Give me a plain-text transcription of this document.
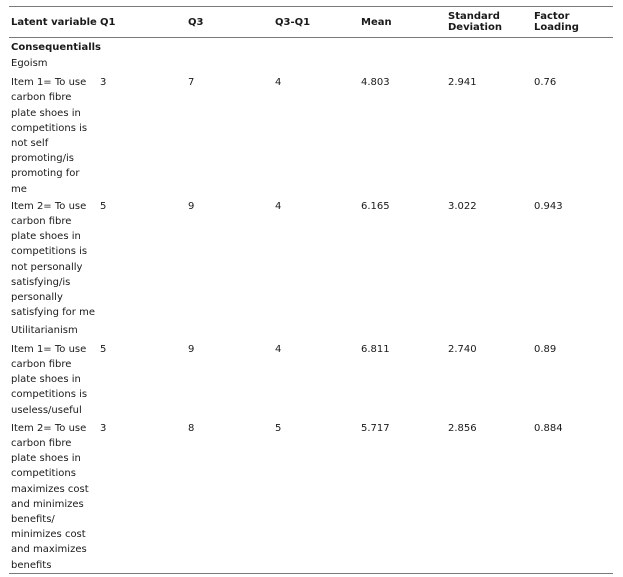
Latent variable	Q1	Q3	Q3-Q1	Mean	Standard Deviation	Factor Loading
Consequentialls						
Egoism						
Item 1= To use carbon fibre plate shoes in competitions is not self promoting/is promoting for me	3	7	4	4.803	2.941	0.76
Item 2= To use carbon fibre plate shoes in competitions is not personally satisfying/is personally satisfying for me	5	9	4	6.165	3.022	0.943
Utilitarianism						
Item 1= To use carbon fibre plate shoes in competitions is useless/useful	5	9	4	6.811	2.740	0.89
Item 2= To use carbon fibre plate shoes in competitions maximizes cost and minimizes benefits/ minimizes cost and maximizes benefits	3	8	5	5.717	2.856	0.884
